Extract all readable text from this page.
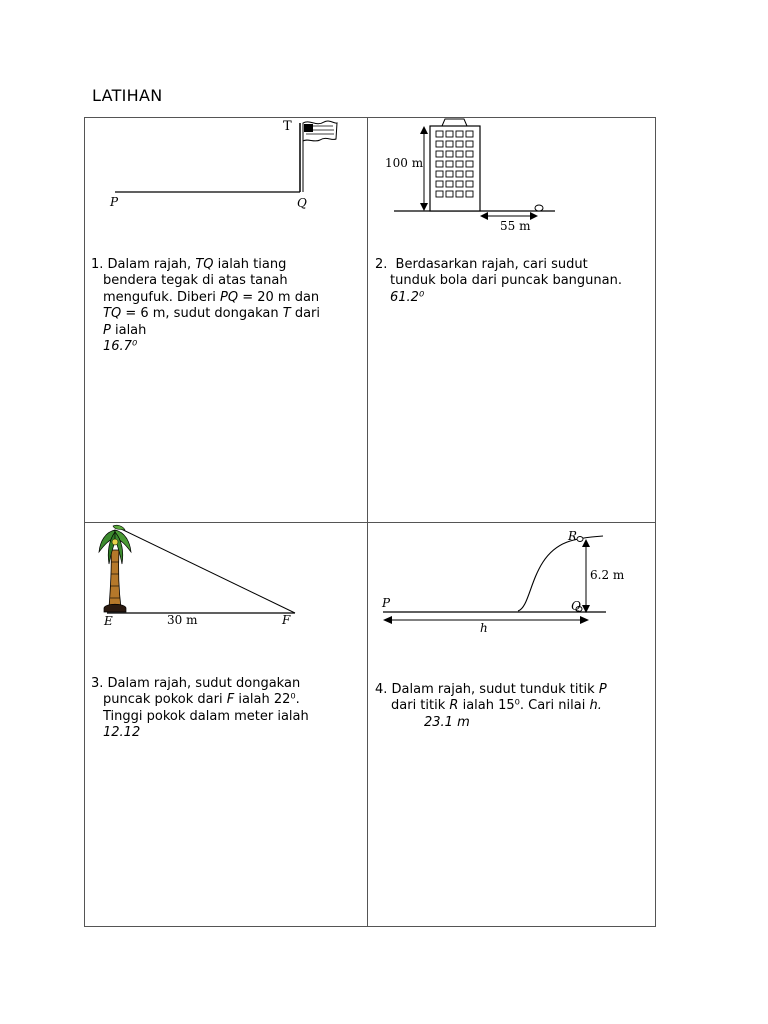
LATIHAN
T
P	Q
100 m
55 m
E	30 m	F
R
P	Q
6.2 m
h
1. Dalam rajah, TQ ialah tiang
bendera tegak di atas tanah
mengufuk. Diberi PQ = 20 m dan
TQ = 6 m, sudut dongakan T dari
P ialah
16.7⁰
2. Berdasarkan rajah, cari sudut
tunduk bola dari puncak bangunan.
61.2⁰
3. Dalam rajah, sudut dongakan
puncak pokok dari F ialah 22⁰.
Tinggi pokok dalam meter ialah
12.12
4. Dalam rajah, sudut tunduk titik P
dari titik R ialah 15⁰. Cari nilai h.
23.1 m
